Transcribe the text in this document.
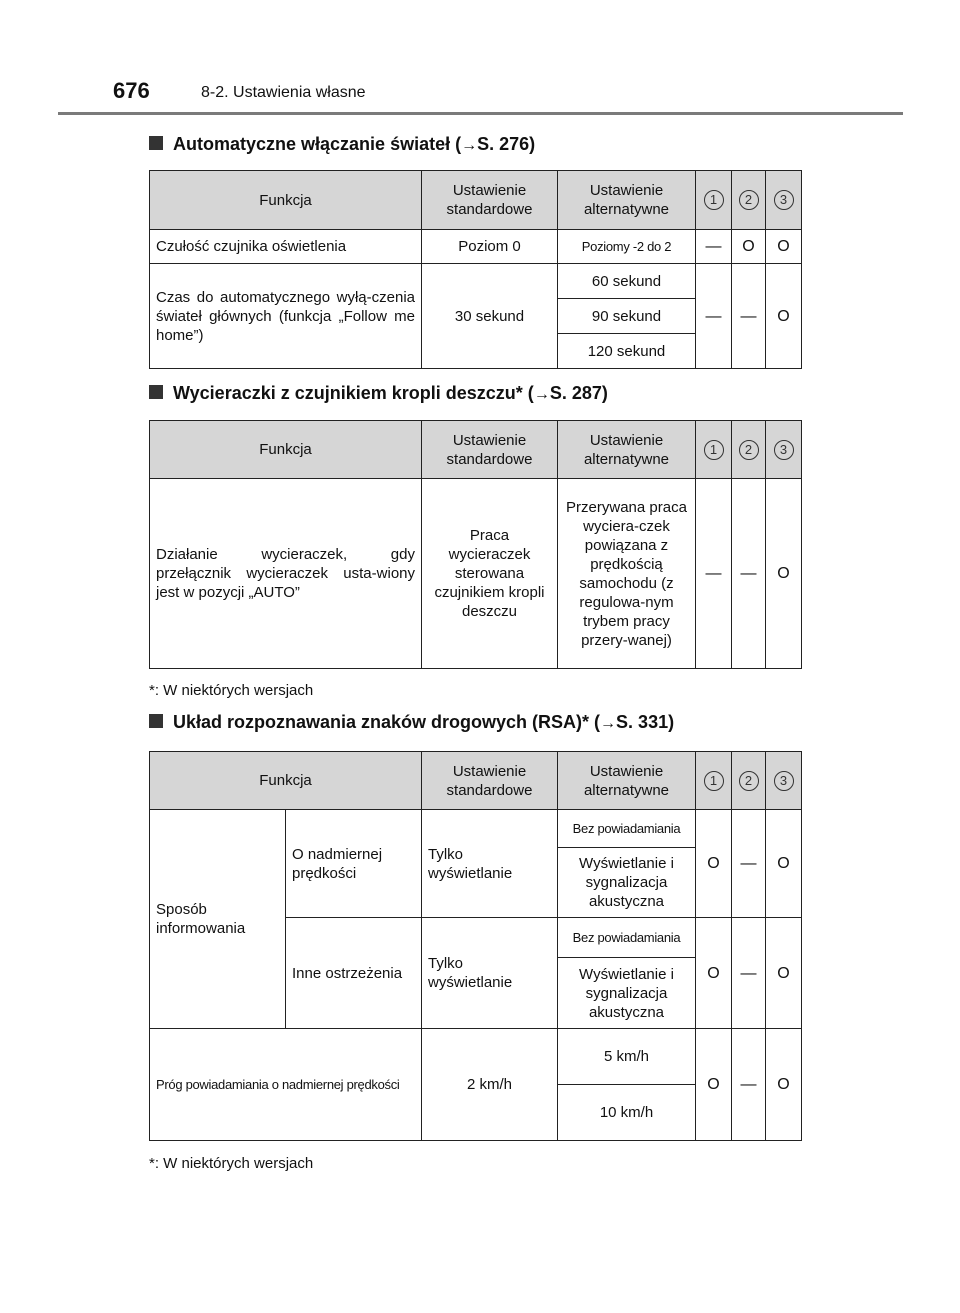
676	8-2. Ustawienia własne
Automatyczne włączanie świateł (→S. 276)
Funkcja	Ustawienie standardowe	Ustawienie alternatywne	1	2	3
Czułość czujnika oświetlenia	Poziom 0	Poziomy -2 do 2	—	O	O
Czas do automatycznego wyłą-czenia świateł głównych (funkcja „Follow me home”)	30 sekund	60 sekund	—	—	O
		90 sekund			
		120 sekund			
Wycieraczki z czujnikiem kropli deszczu* (→S. 287)
Funkcja	Ustawienie standardowe	Ustawienie alternatywne	1	2	3
Działanie wycieraczek, gdy przełącznik wycieraczek usta-wiony jest w pozycji „AUTO”	Praca wycieraczek sterowana czujnikiem kropli deszczu	Przerywana praca wyciera-czek powiązana z prędkością samochodu (z regulowa-nym trybem pracy przery-wanej)	—	—	O
*: W niektórych wersjach
Układ rozpoznawania znaków drogowych (RSA)* (→S. 331)
Funkcja		Ustawienie standardowe	Ustawienie alternatywne	1	2	3
Sposób informowania	O nadmiernej prędkości	Tylko wyświetlanie	Bez powiadamiania	O	—	O
			Wyświetlanie i sygnalizacja akustyczna			
	Inne ostrzeżenia	Tylko wyświetlanie	Bez powiadamiania	O	—	O
			Wyświetlanie i sygnalizacja akustyczna			
Próg powiadamiania o nadmiernej prędkości		2 km/h	5 km/h	O	—	O
			10 km/h			
*: W niektórych wersjach
